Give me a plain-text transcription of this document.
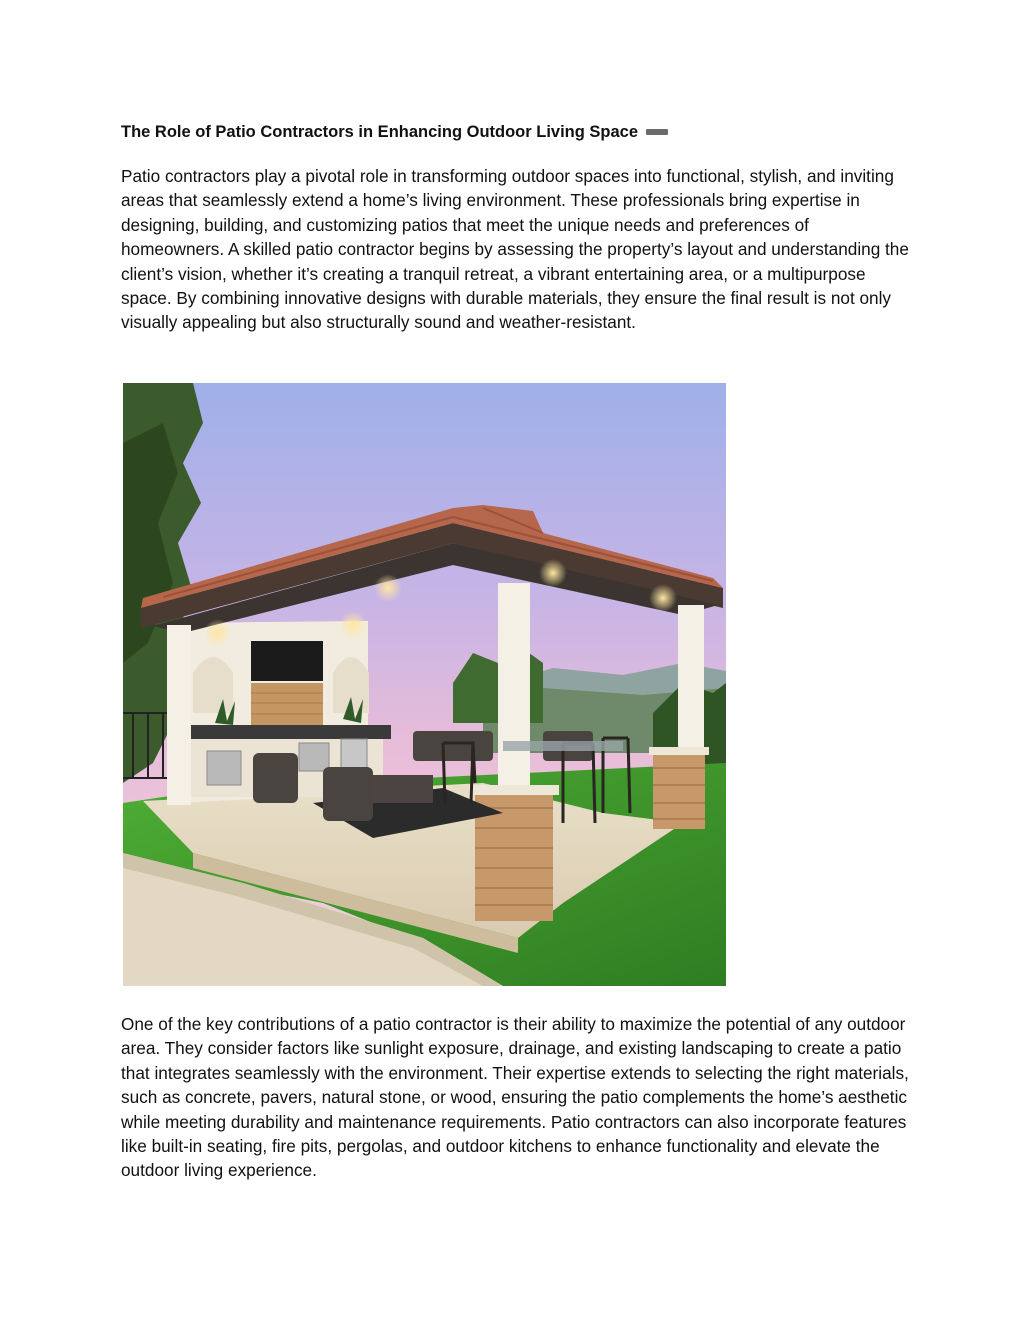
The Role of Patio Contractors in Enhancing Outdoor Living Space

Patio contractors play a pivotal role in transforming outdoor spaces into functional, stylish, and inviting areas that seamlessly extend a home’s living environment. These professionals bring expertise in designing, building, and customizing patios that meet the unique needs and preferences of homeowners. A skilled patio contractor begins by assessing the property’s layout and understanding the client’s vision, whether it’s creating a tranquil retreat, a vibrant entertaining area, or a multipurpose space. By combining innovative designs with durable materials, they ensure the final result is not only visually appealing but also structurally sound and weather-resistant.

One of the key contributions of a patio contractor is their ability to maximize the potential of any outdoor area. They consider factors like sunlight exposure, drainage, and existing landscaping to create a patio that integrates seamlessly with the environment. Their expertise extends to selecting the right materials, such as concrete, pavers, natural stone, or wood, ensuring the patio complements the home’s aesthetic while meeting durability and maintenance requirements. Patio contractors can also incorporate features like built-in seating, fire pits, pergolas, and outdoor kitchens to enhance functionality and elevate the outdoor living experience.
